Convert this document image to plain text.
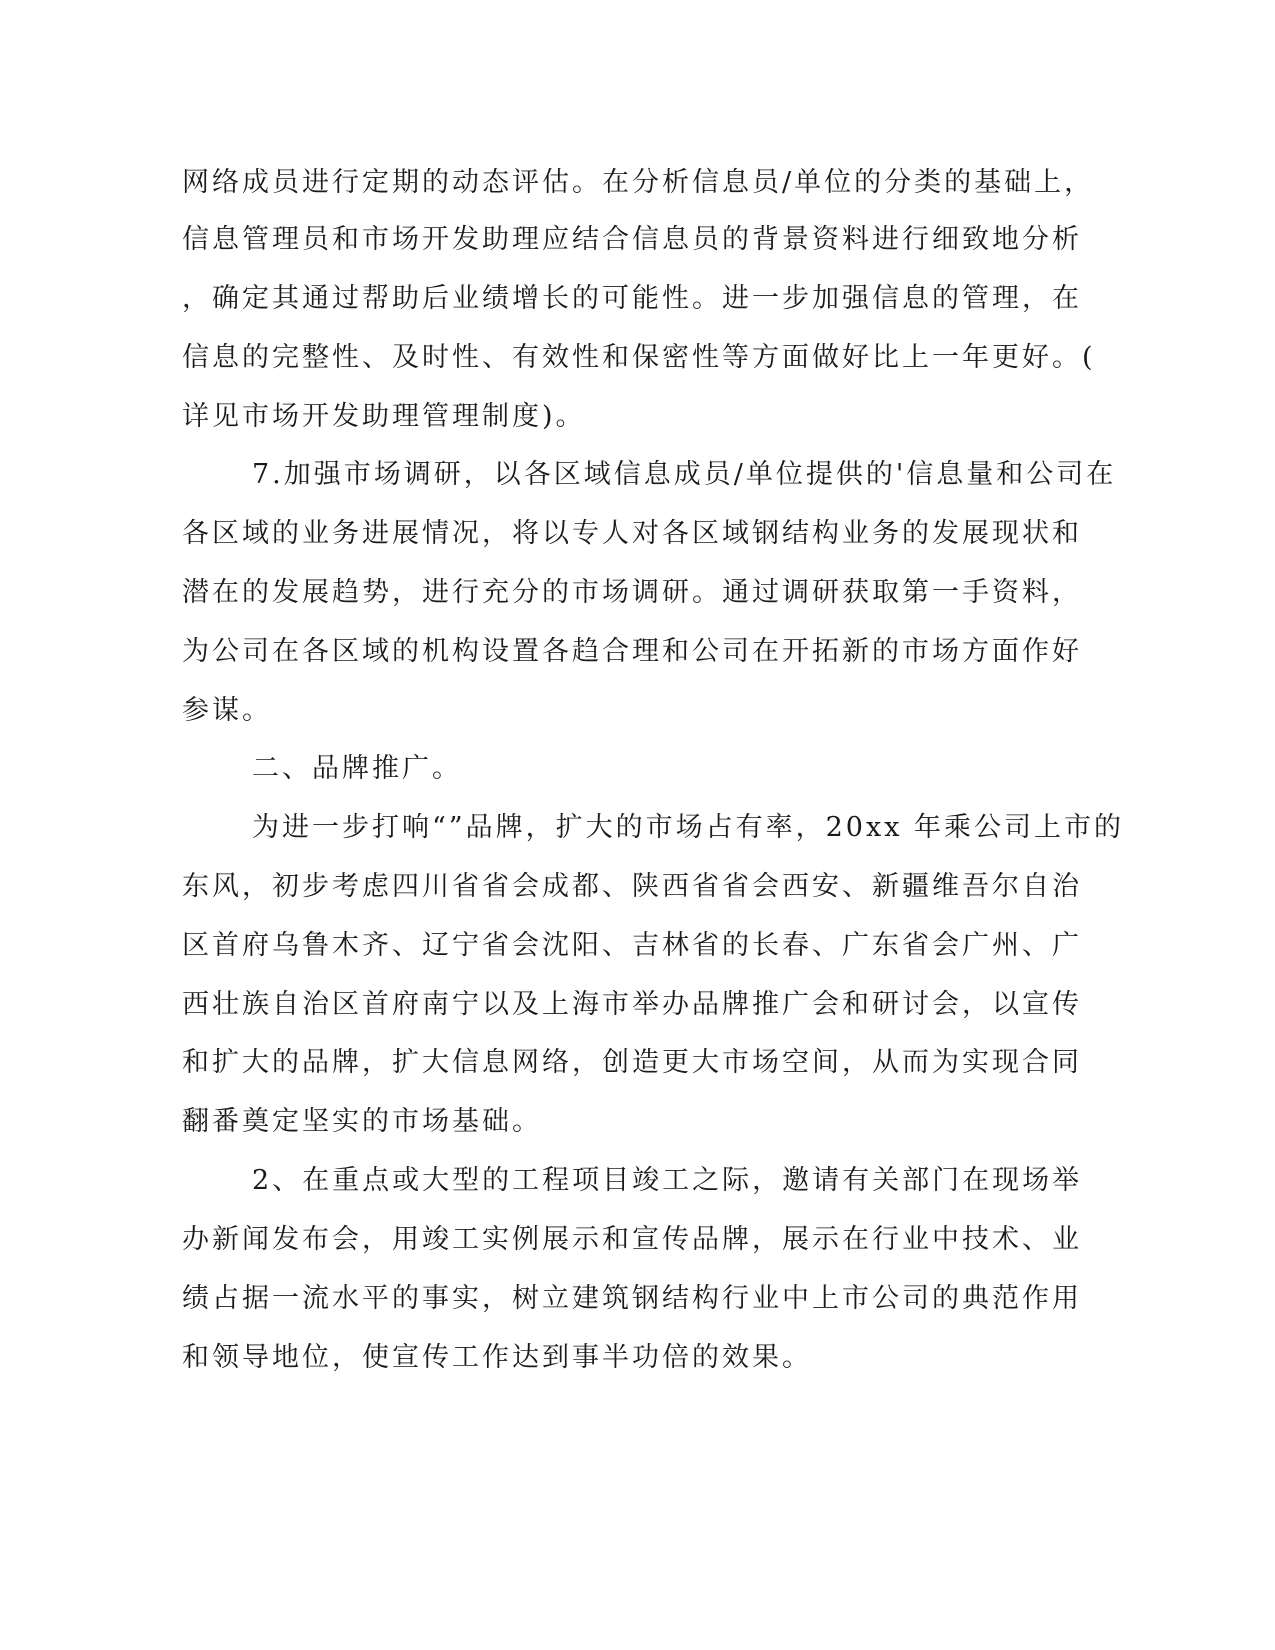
网络成员进行定期的动态评估。在分析信息员/单位的分类的基础上，
信息管理员和市场开发助理应结合信息员的背景资料进行细致地分析
，确定其通过帮助后业绩增长的可能性。进一步加强信息的管理，在
信息的完整性、及时性、有效性和保密性等方面做好比上一年更好。(
详见市场开发助理管理制度)。
7.加强市场调研，以各区域信息成员/单位提供的'信息量和公司在
各区域的业务进展情况，将以专人对各区域钢结构业务的发展现状和
潜在的发展趋势，进行充分的市场调研。通过调研获取第一手资料，
为公司在各区域的机构设置各趋合理和公司在开拓新的市场方面作好
参谋。
二、品牌推广。
为进一步打响“”品牌，扩大的市场占有率，20xx 年乘公司上市的
东风，初步考虑四川省省会成都、陕西省省会西安、新疆维吾尔自治
区首府乌鲁木齐、辽宁省会沈阳、吉林省的长春、广东省会广州、广
西壮族自治区首府南宁以及上海市举办品牌推广会和研讨会，以宣传
和扩大的品牌，扩大信息网络，创造更大市场空间，从而为实现合同
翻番奠定坚实的市场基础。
2、在重点或大型的工程项目竣工之际，邀请有关部门在现场举
办新闻发布会，用竣工实例展示和宣传品牌，展示在行业中技术、业
绩占据一流水平的事实，树立建筑钢结构行业中上市公司的典范作用
和领导地位，使宣传工作达到事半功倍的效果。
